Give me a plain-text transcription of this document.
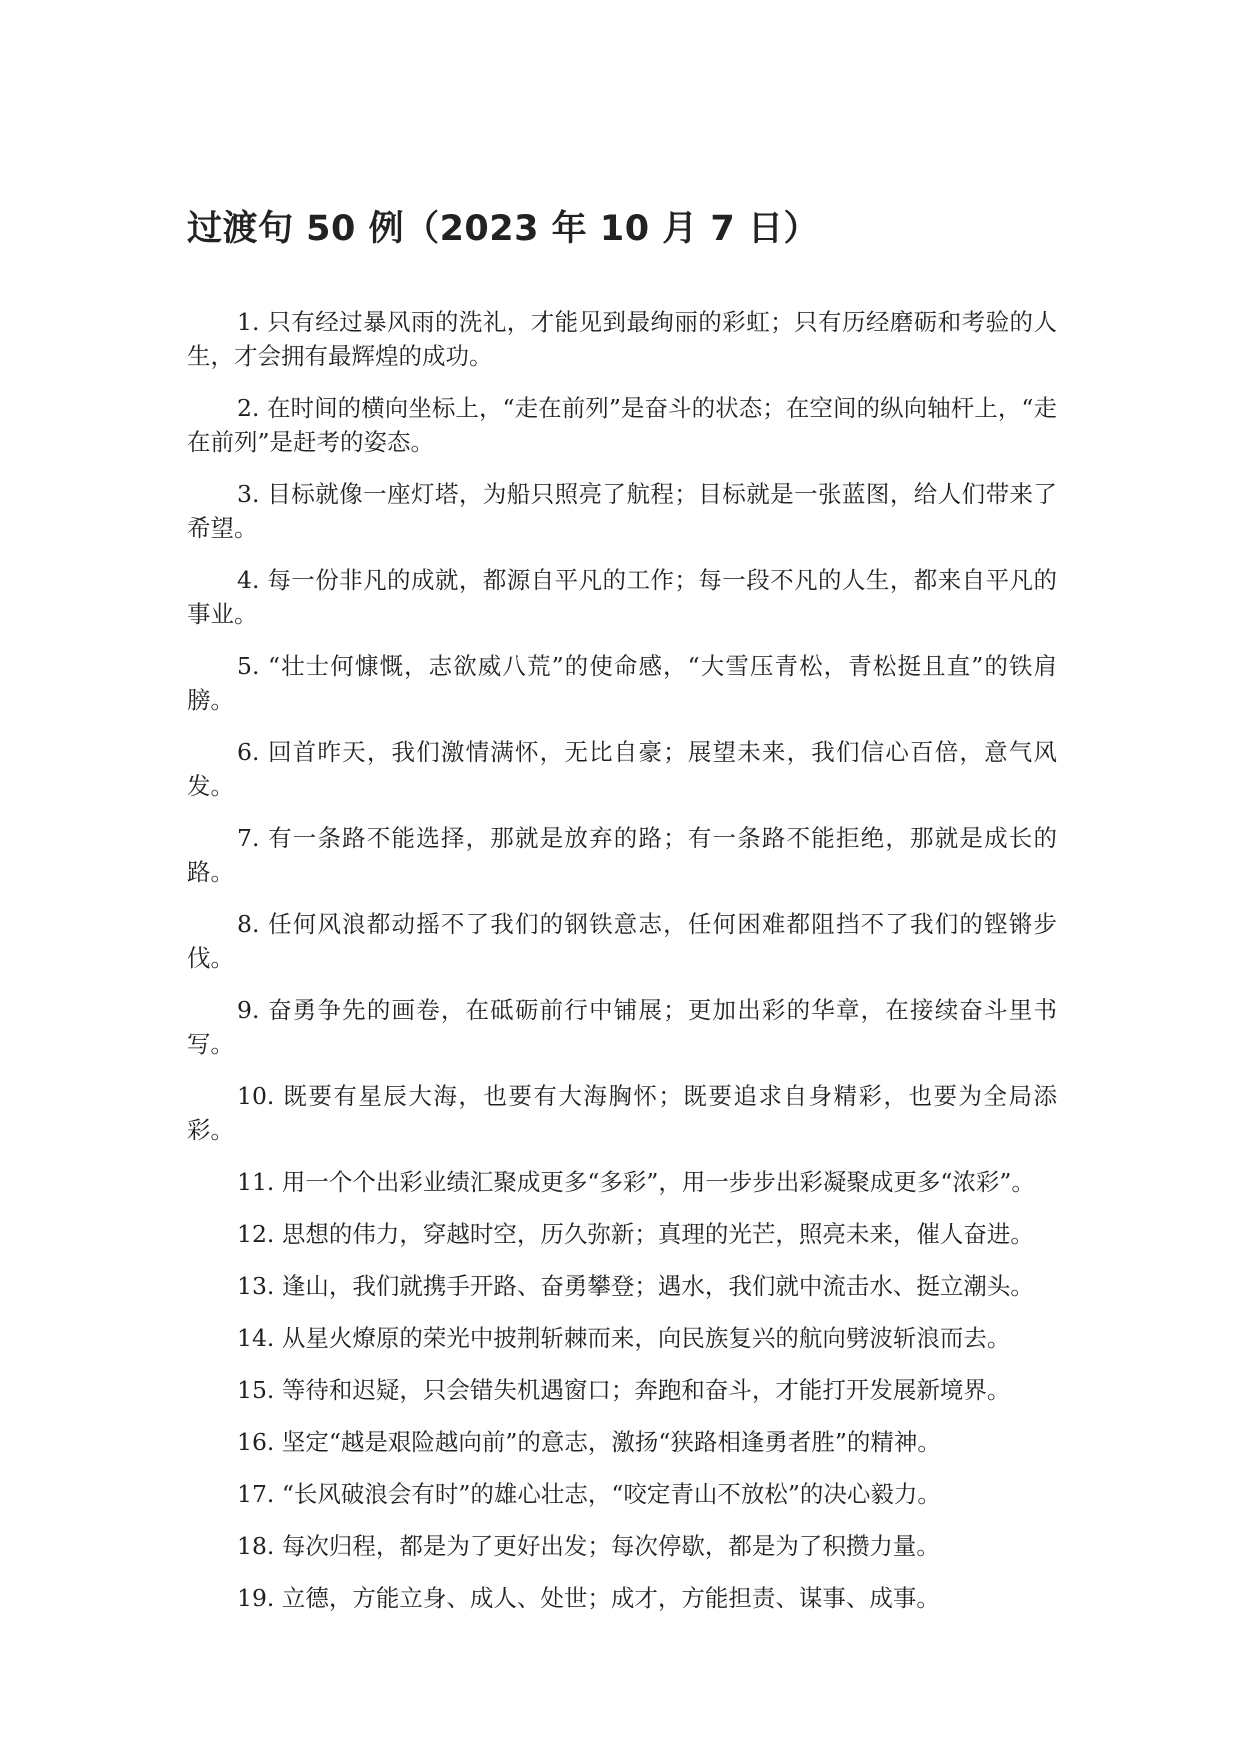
过渡句 50 例（2023 年 10 月 7 日）

1. 只有经过暴风雨的洗礼，才能见到最绚丽的彩虹；只有历经磨砺和考验的人生，才会拥有最辉煌的成功。

2. 在时间的横向坐标上，“走在前列”是奋斗的状态；在空间的纵向轴杆上，“走在前列”是赶考的姿态。

3. 目标就像一座灯塔，为船只照亮了航程；目标就是一张蓝图，给人们带来了希望。

4. 每一份非凡的成就，都源自平凡的工作；每一段不凡的人生，都来自平凡的事业。

5. “壮士何慷慨，志欲威八荒”的使命感，“大雪压青松，青松挺且直”的铁肩膀。

6. 回首昨天，我们激情满怀，无比自豪；展望未来，我们信心百倍，意气风发。

7. 有一条路不能选择，那就是放弃的路；有一条路不能拒绝，那就是成长的路。

8. 任何风浪都动摇不了我们的钢铁意志，任何困难都阻挡不了我们的铿锵步伐。

9. 奋勇争先的画卷，在砥砺前行中铺展；更加出彩的华章，在接续奋斗里书写。

10. 既要有星辰大海，也要有大海胸怀；既要追求自身精彩，也要为全局添彩。

11. 用一个个出彩业绩汇聚成更多“多彩”，用一步步出彩凝聚成更多“浓彩”。

12. 思想的伟力，穿越时空，历久弥新；真理的光芒，照亮未来，催人奋进。

13. 逢山，我们就携手开路、奋勇攀登；遇水，我们就中流击水、挺立潮头。

14. 从星火燎原的荣光中披荆斩棘而来，向民族复兴的航向劈波斩浪而去。

15. 等待和迟疑，只会错失机遇窗口；奔跑和奋斗，才能打开发展新境界。

16. 坚定“越是艰险越向前”的意志，激扬“狭路相逢勇者胜”的精神。

17. “长风破浪会有时”的雄心壮志，“咬定青山不放松”的决心毅力。

18. 每次归程，都是为了更好出发；每次停歇，都是为了积攒力量。

19. 立德，方能立身、成人、处世；成才，方能担责、谋事、成事。
